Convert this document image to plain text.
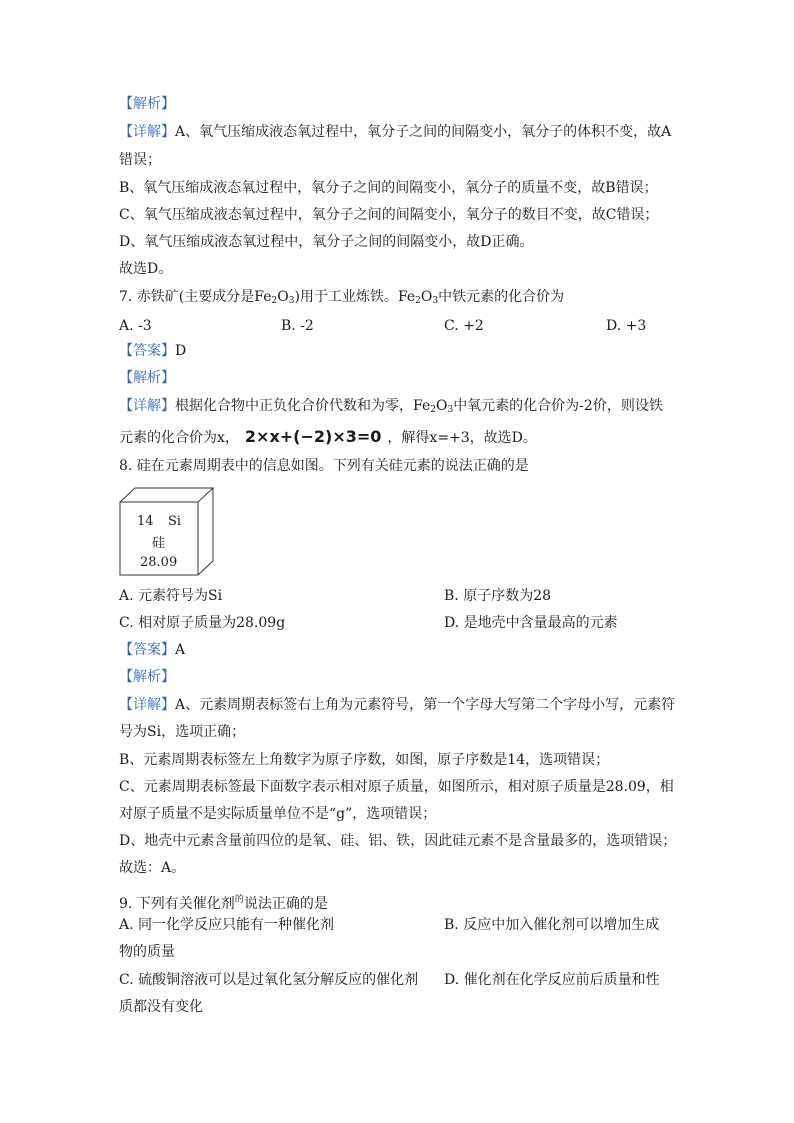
【解析】
【详解】A、氧气压缩成液态氧过程中，氧分子之间的间隔变小，氧分子的体积不变，故A
错误；
B、氧气压缩成液态氧过程中，氧分子之间的间隔变小，氧分子的质量不变，故B错误；
C、氧气压缩成液态氧过程中，氧分子之间的间隔变小，氧分子的数目不变，故C错误；
D、氧气压缩成液态氧过程中，氧分子之间的间隔变小，故D正确。
故选D。
7. 赤铁矿(主要成分是$Fe_2O_3$)用于工业炼铁。$Fe_2O_3$中铁元素的化合价为
A. -3	B. -2	C. +2	D. +3
【答案】D
【解析】
【详解】根据化合物中正负化合价代数和为零，$Fe_2O_3$中氧元素的化合价为-2价，则设铁
元素的化合价为x， 2×x+(−2)×3=0 ，解得x=+3，故选D。
8. 硅在元素周期表中的信息如图。下列有关硅元素的说法正确的是
14 Si
硅
28.09
A. 元素符号为Si	B. 原子序数为28
C. 相对原子质量为28.09g	D. 是地壳中含量最高的元素
【答案】A
【解析】
【详解】A、元素周期表标签右上角为元素符号，第一个字母大写第二个字母小写，元素符
号为Si，选项正确；
B、元素周期表标签左上角数字为原子序数，如图，原子序数是14，选项错误；
C、元素周期表标签最下面数字表示相对原子质量，如图所示，相对原子质量是28.09，相
对原子质量不是实际质量单位不是“g”，选项错误；
D、地壳中元素含量前四位的是氧、硅、铝、铁，因此硅元素不是含量最多的，选项错误；
故选：A。
9. 下列有关催化剂$^的$说法正确的是
A. 同一化学反应只能有一种催化剂	B. 反应中加入催化剂可以增加生成
物的质量
C. 硫酸铜溶液可以是过氧化氢分解反应的催化剂 D. 催化剂在化学反应前后质量和性
质都没有变化
